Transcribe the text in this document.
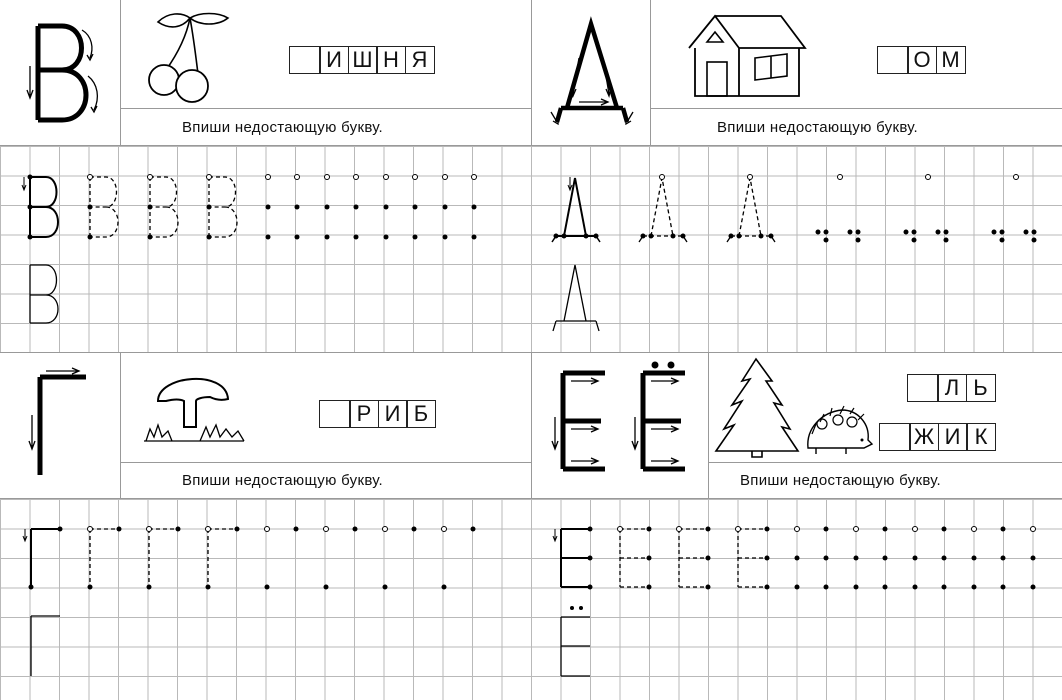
И Ш Н Я
Впиши недостающую букву.
О М
Впиши недостающую букву.
Р И Б
Впиши недостающую букву.
Л Ь
Ж И К
Впиши недостающую букву.
